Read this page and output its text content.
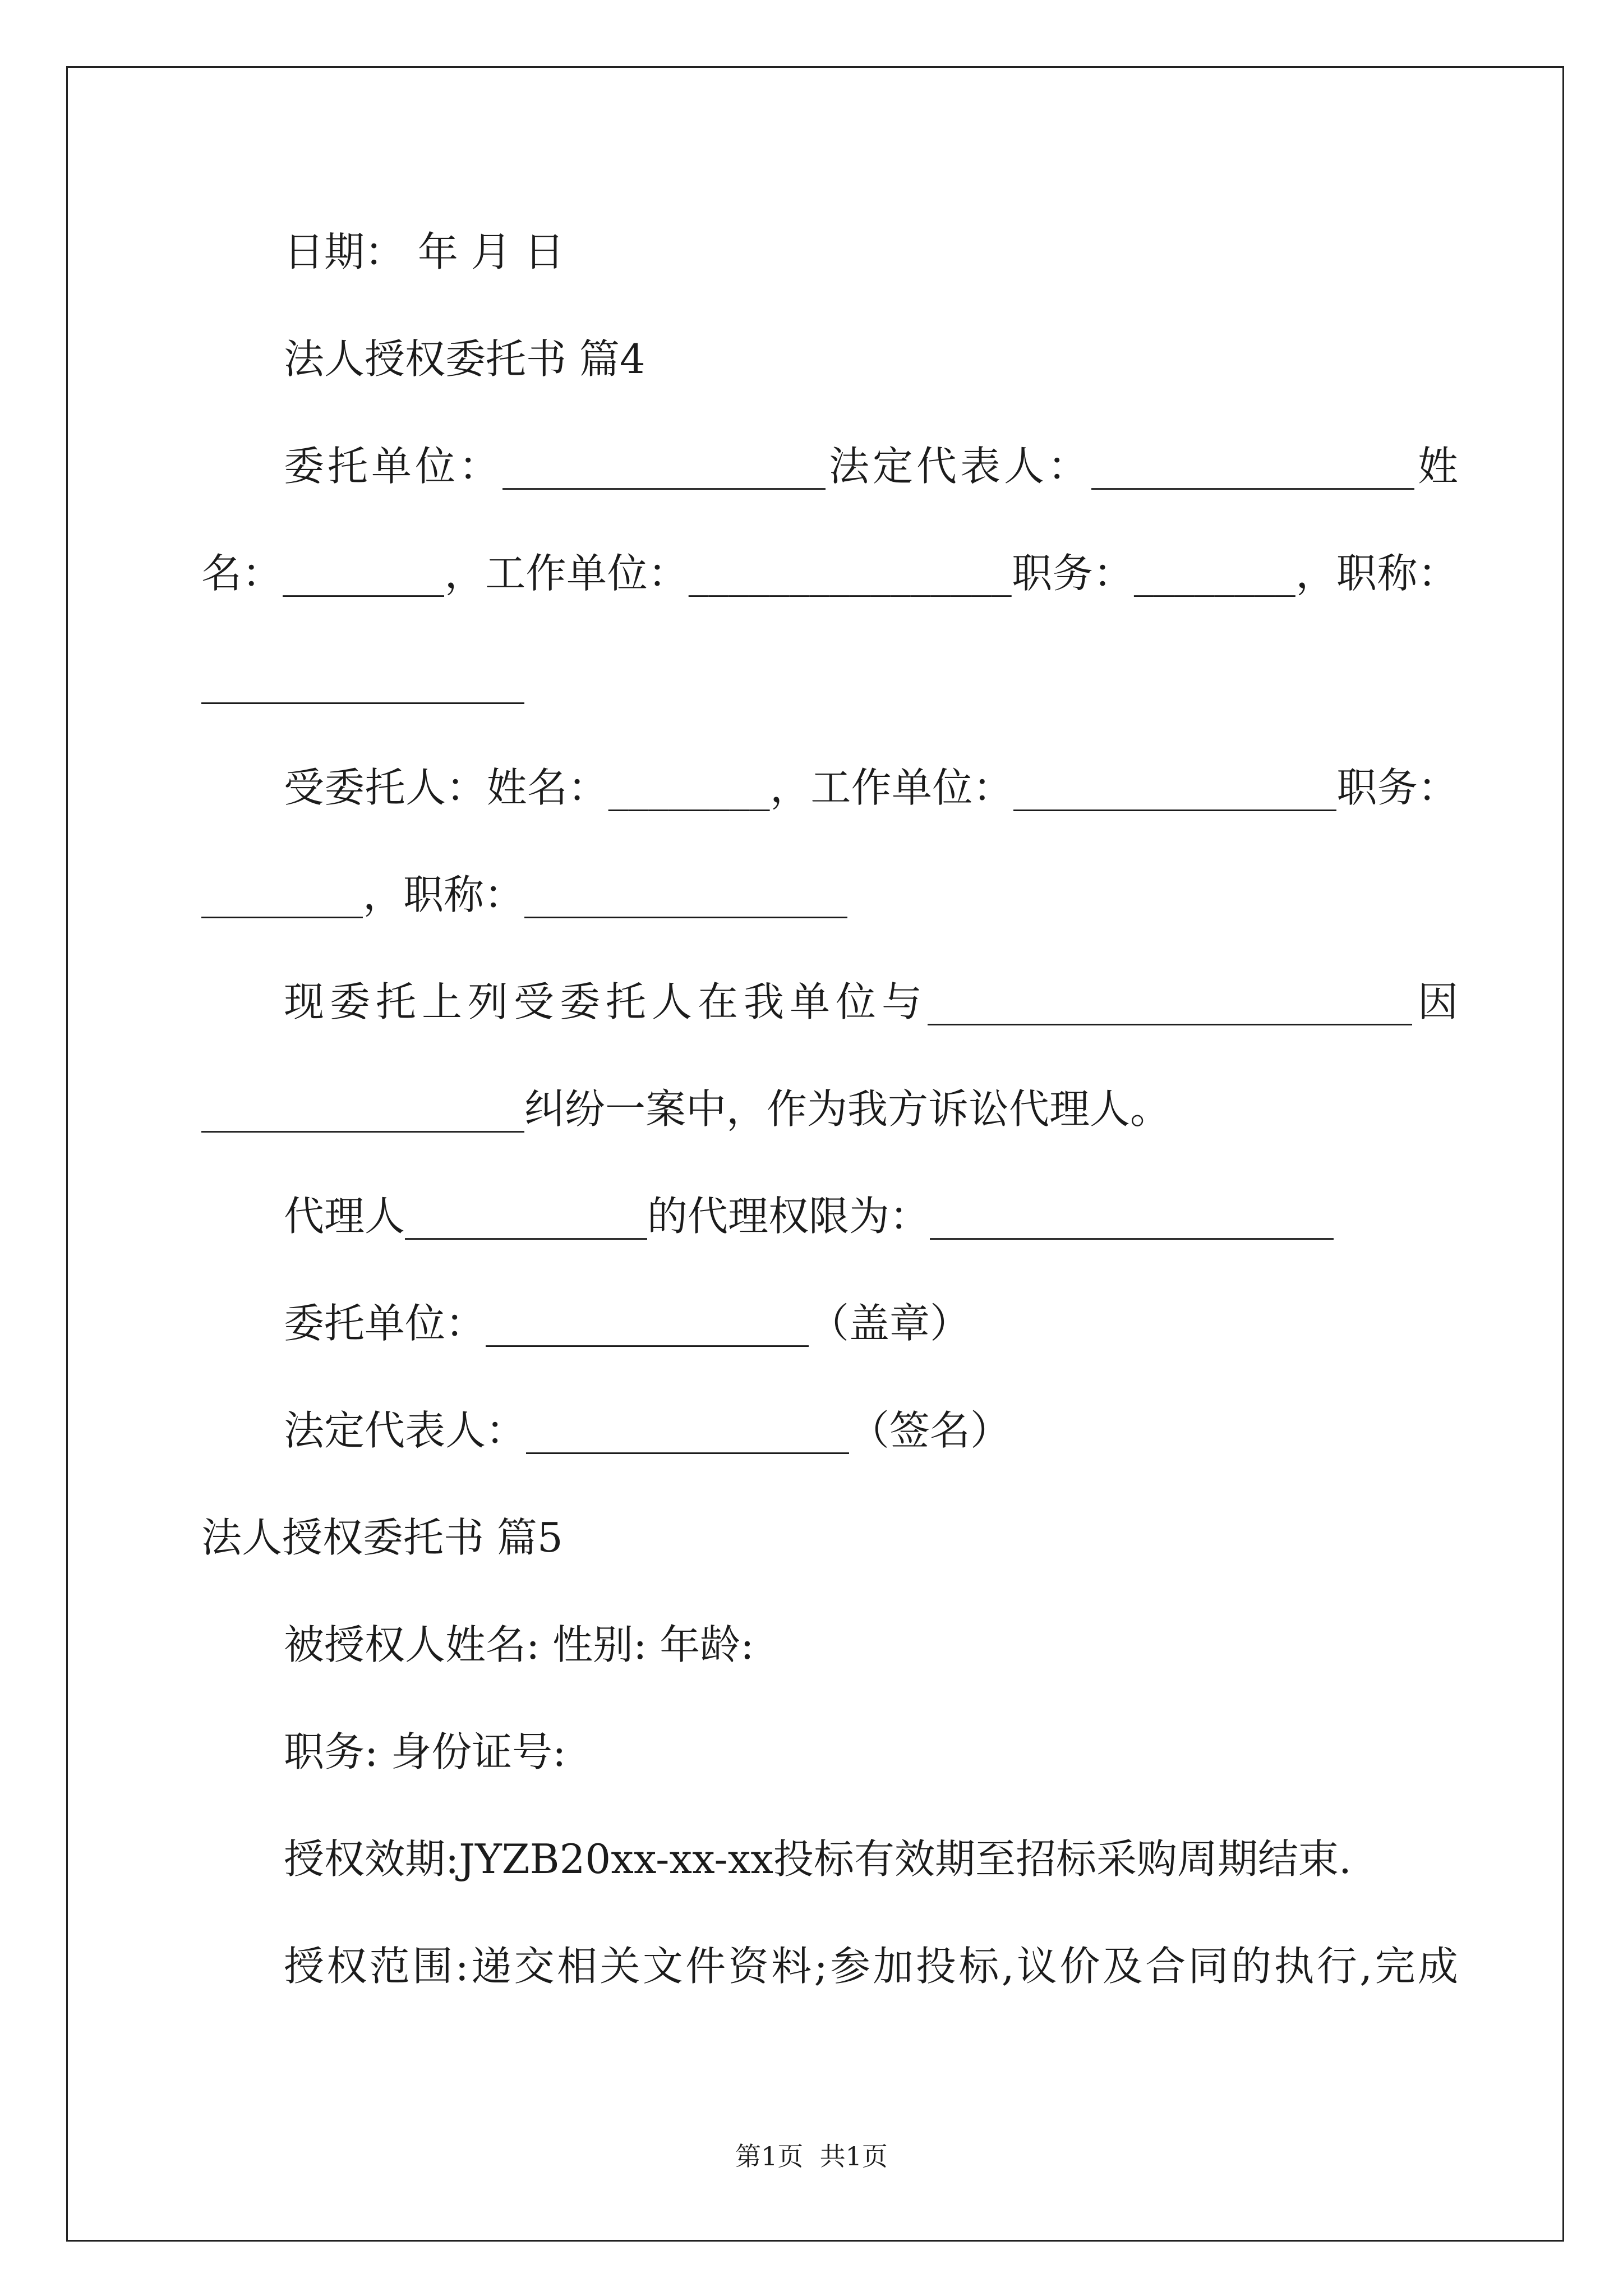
日期： 年 月 日
法人授权委托书 篇4
委托单位：________________法定代表人：________________姓
名：________，工作单位：________________职务：________，职称：
________________
受委托人：姓名：________，工作单位：________________职务：
________，职称：________________
现委托上列受委托人在我单位与________________________因
________________纠纷一案中，作为我方诉讼代理人。
代理人____________的代理权限为：____________________
委托单位：________________（盖章）
法定代表人：________________（签名）
法人授权委托书 篇5
被授权人姓名: 性别: 年龄:
职务: 身份证号:
授权效期:JYZB20xx-xx-xx投标有效期至招标采购周期结束.
授权范围:递交相关文件资料;参加投标,议价及合同的执行,完成
第1页  共1页
